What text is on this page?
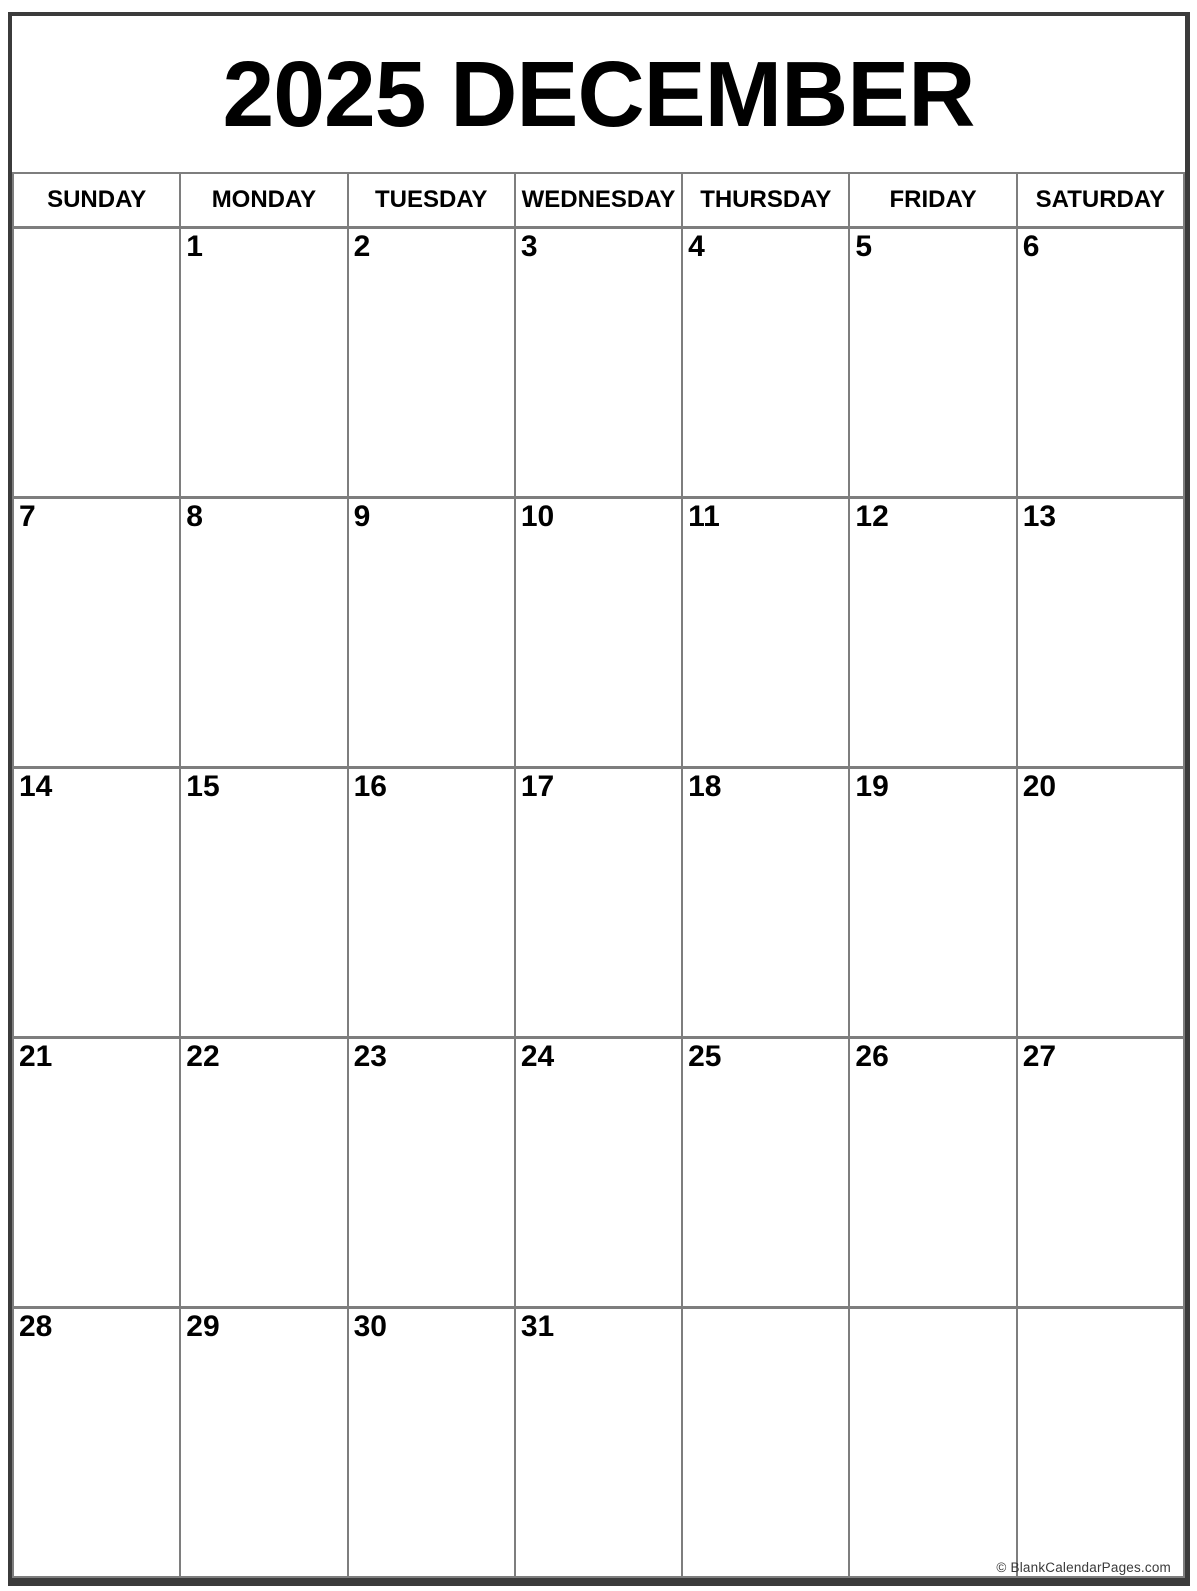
2025 DECEMBER
SUNDAY	MONDAY	TUESDAY	WEDNESDAY	THURSDAY	FRIDAY	SATURDAY
	1	2	3	4	5	6
7	8	9	10	11	12	13
14	15	16	17	18	19	20
21	22	23	24	25	26	27
28	29	30	31			
© BlankCalendarPages.com
